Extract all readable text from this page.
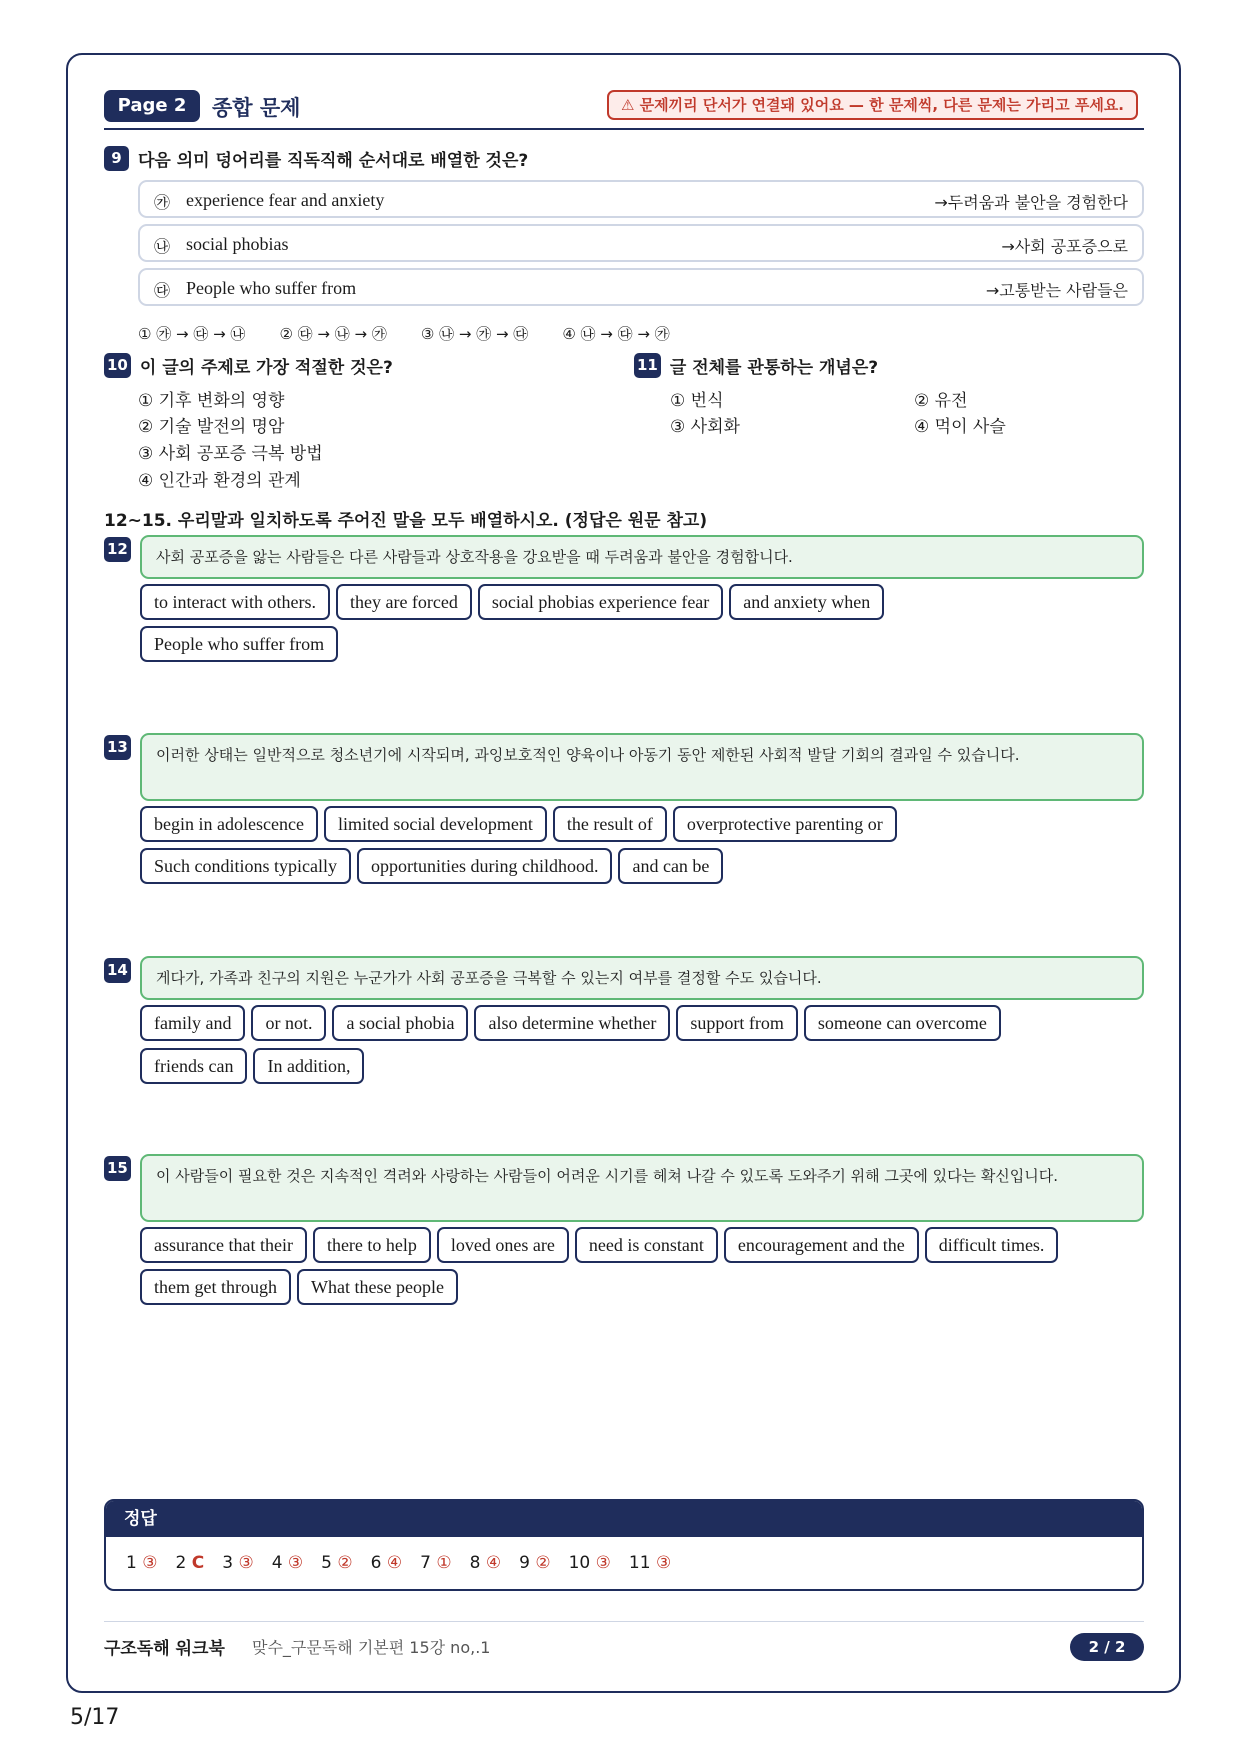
Page 2	종합 문제	⚠ 문제끼리 단서가 연결돼 있어요 — 한 문제씩, 다른 문제는 가리고 푸세요.
9 다음 의미 덩어리를 직독직해 순서대로 배열한 것은?
㉮ experience fear and anxiety	→두려움과 불안을 경험한다
㉯ social phobias	→사회 공포증으로
㉰ People who suffer from	→고통받는 사람들은
① ㉮ → ㉰ → ㉯ ② ㉰ → ㉯ → ㉮ ③ ㉯ → ㉮ → ㉰ ④ ㉯ → ㉰ → ㉮
10 이 글의 주제로 가장 적절한 것은?
① 기후 변화의 영향
② 기술 발전의 명암
③ 사회 공포증 극복 방법
④ 인간과 환경의 관계
11 글 전체를 관통하는 개념은?
① 번식	② 유전
③ 사회화	④ 먹이 사슬
12~15. 우리말과 일치하도록 주어진 말을 모두 배열하시오. (정답은 원문 참고)
12	사회 공포증을 앓는 사람들은 다른 사람들과 상호작용을 강요받을 때 두려움과 불안을 경험합니다.
to interact with others.	they are forced	social phobias experience fear	and anxiety when
People who suffer from
13	이러한 상태는 일반적으로 청소년기에 시작되며, 과잉보호적인 양육이나 아동기 동안 제한된 사회적 발달 기회의 결과일 수 있습니다.
begin in adolescence	limited social development	the result of	overprotective parenting or
Such conditions typically	opportunities during childhood.	and can be
14	게다가, 가족과 친구의 지원은 누군가가 사회 공포증을 극복할 수 있는지 여부를 결정할 수도 있습니다.
family and	or not.	a social phobia	also determine whether	support from	someone can overcome
friends can	In addition,
15	이 사람들이 필요한 것은 지속적인 격려와 사랑하는 사람들이 어려운 시기를 헤쳐 나갈 수 있도록 도와주기 위해 그곳에 있다는 확신입니다.
assurance that their	there to help	loved ones are	need is constant	encouragement and the	difficult times.
them get through	What these people
정답
1 ③ 2 C 3 ③ 4 ③ 5 ② 6 ④ 7 ① 8 ④ 9 ② 10 ③ 11 ③
구조독해 워크북 맞수_구문독해 기본편 15강 no,.1	2 / 2
5/17
